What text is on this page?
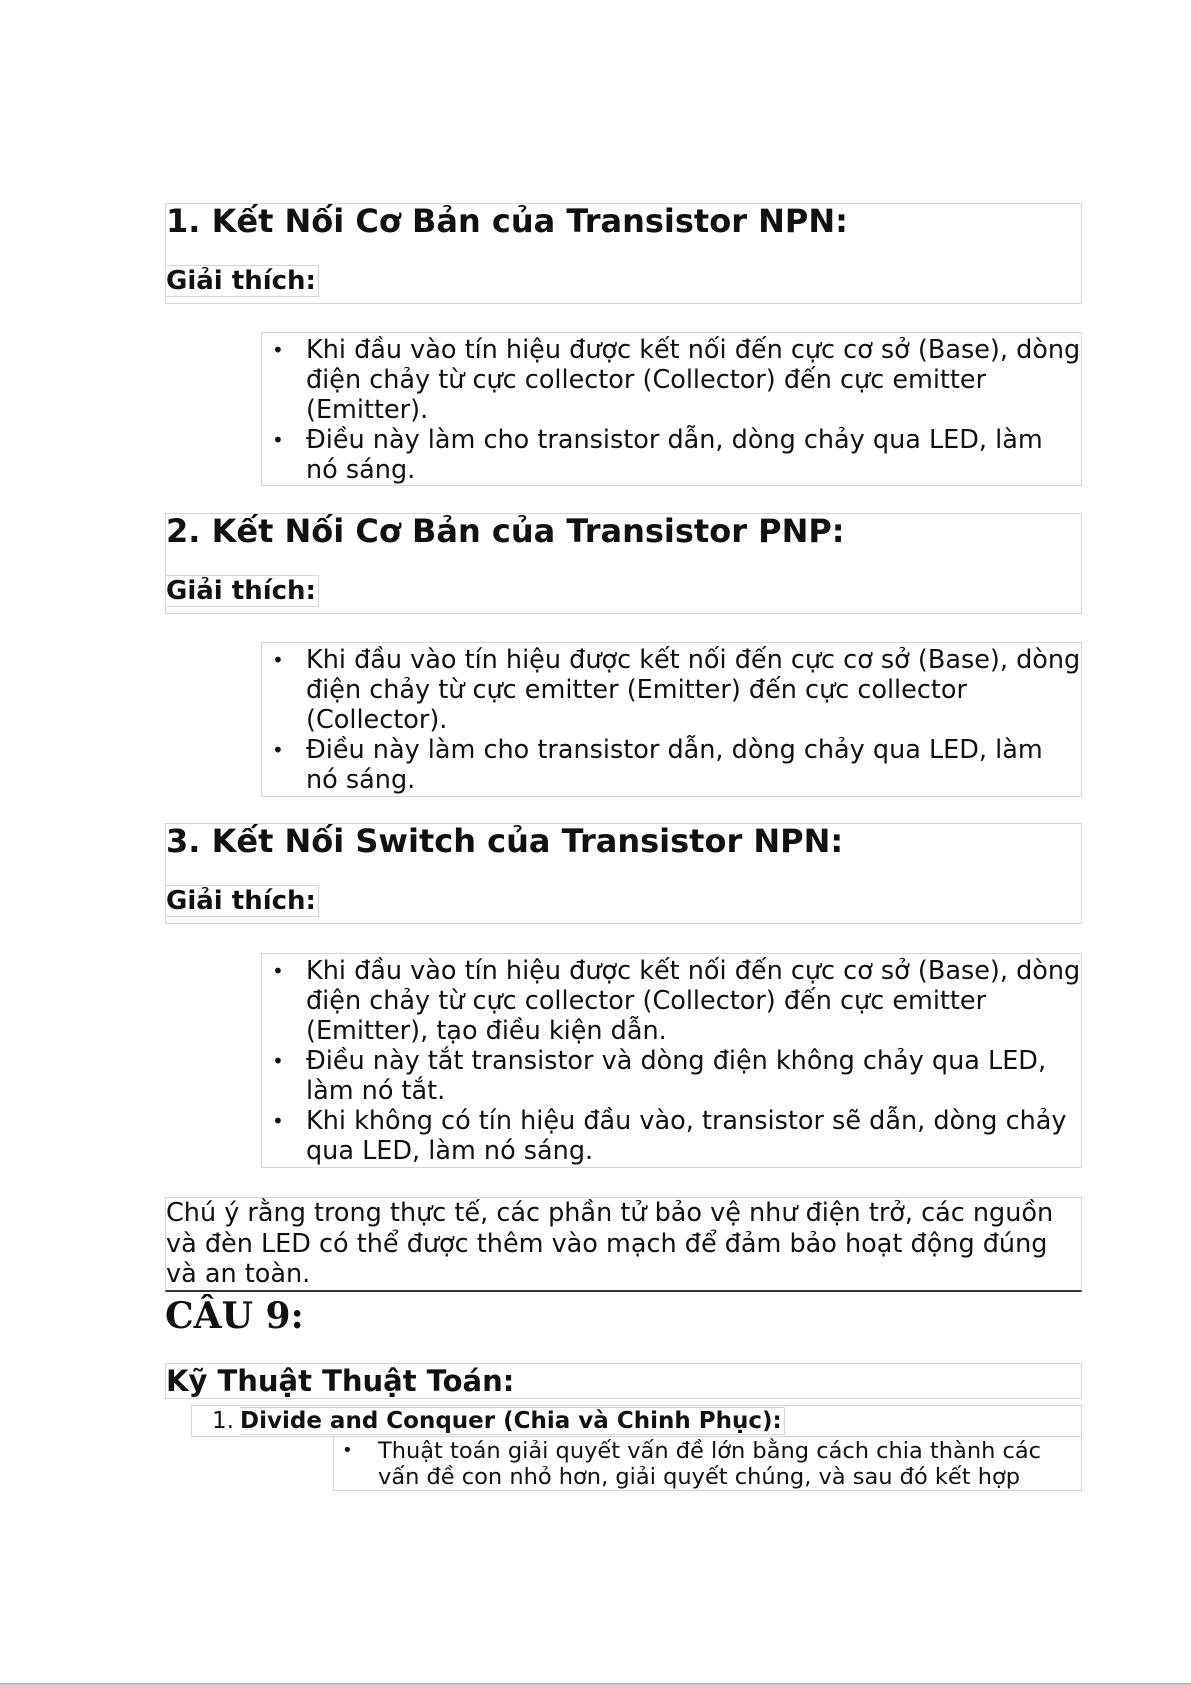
1. Kết Nối Cơ Bản của Transistor NPN:
Giải thích:
• Khi đầu vào tín hiệu được kết nối đến cực cơ sở (Base), dòng điện chảy từ cực collector (Collector) đến cực emitter (Emitter).
• Điều này làm cho transistor dẫn, dòng chảy qua LED, làm nó sáng.
2. Kết Nối Cơ Bản của Transistor PNP:
Giải thích:
• Khi đầu vào tín hiệu được kết nối đến cực cơ sở (Base), dòng điện chảy từ cực emitter (Emitter) đến cực collector (Collector).
• Điều này làm cho transistor dẫn, dòng chảy qua LED, làm nó sáng.
3. Kết Nối Switch của Transistor NPN:
Giải thích:
• Khi đầu vào tín hiệu được kết nối đến cực cơ sở (Base), dòng điện chảy từ cực collector (Collector) đến cực emitter (Emitter), tạo điều kiện dẫn.
• Điều này tắt transistor và dòng điện không chảy qua LED, làm nó tắt.
• Khi không có tín hiệu đầu vào, transistor sẽ dẫn, dòng chảy qua LED, làm nó sáng.

Chú ý rằng trong thực tế, các phần tử bảo vệ như điện trở, các nguồn và đèn LED có thể được thêm vào mạch để đảm bảo hoạt động đúng và an toàn.

CÂU 9:
Kỹ Thuật Thuật Toán:
1. Divide and Conquer (Chia và Chinh Phục):
• Thuật toán giải quyết vấn đề lớn bằng cách chia thành các
vấn đề con nhỏ hơn, giải quyết chúng, và sau đó kết hợp
